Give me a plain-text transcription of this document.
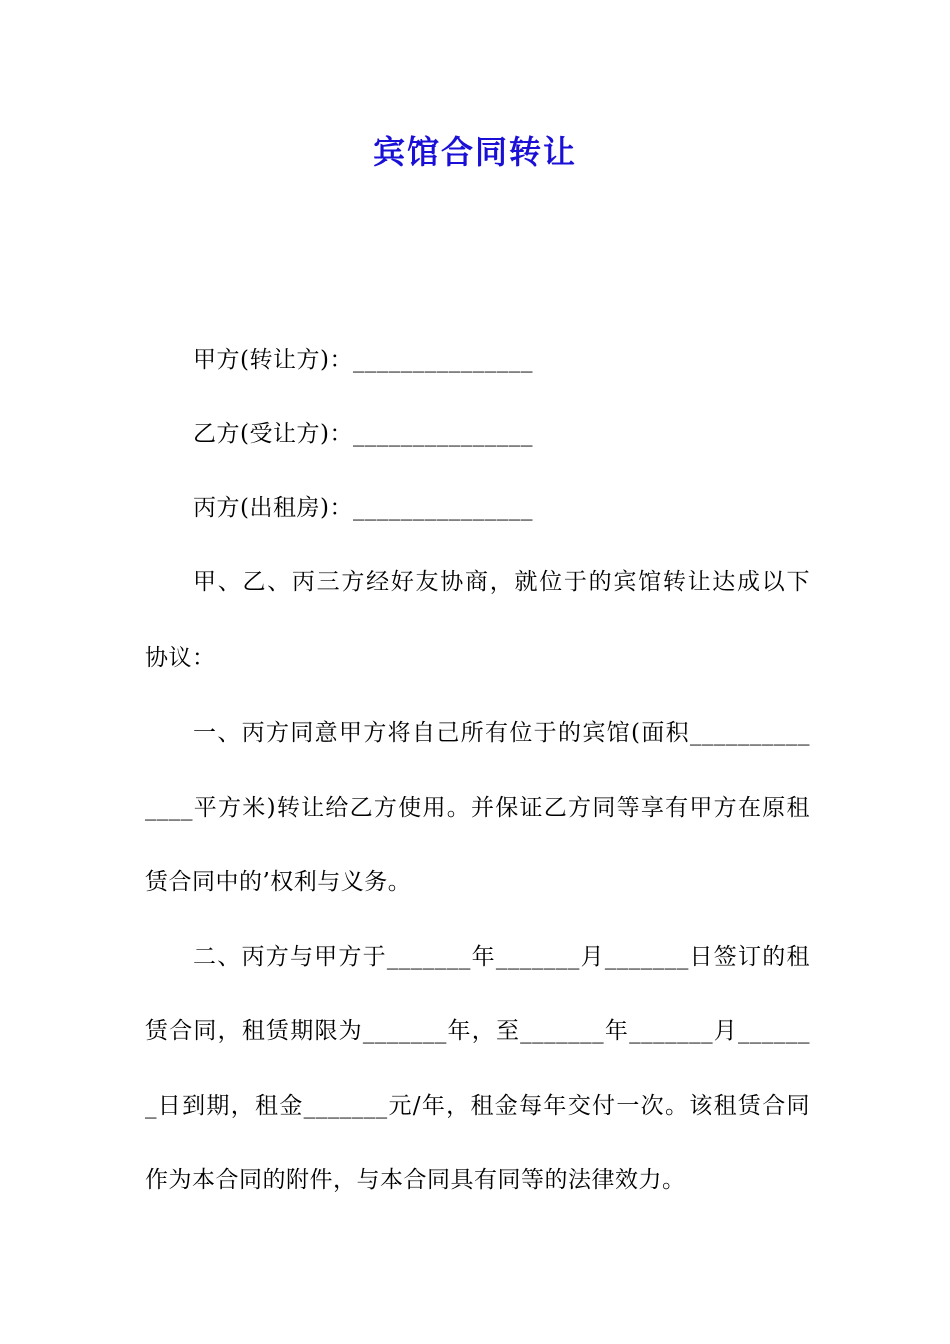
宾馆合同转让
甲方(转让方)：_______________
乙方(受让方)：_______________
丙方(出租房)：_______________
甲、乙、丙三方经好友协商，就位于的宾馆转让达成以下
协议：
一、丙方同意甲方将自己所有位于的宾馆(面积__________
____平方米)转让给乙方使用。并保证乙方同等享有甲方在原租
赁合同中的’权利与义务。
二、丙方与甲方于_______年_______月_______日签订的租
赁合同，租赁期限为_______年，至_______年_______月______
_日到期，租金_______元/年，租金每年交付一次。该租赁合同
作为本合同的附件，与本合同具有同等的法律效力。
